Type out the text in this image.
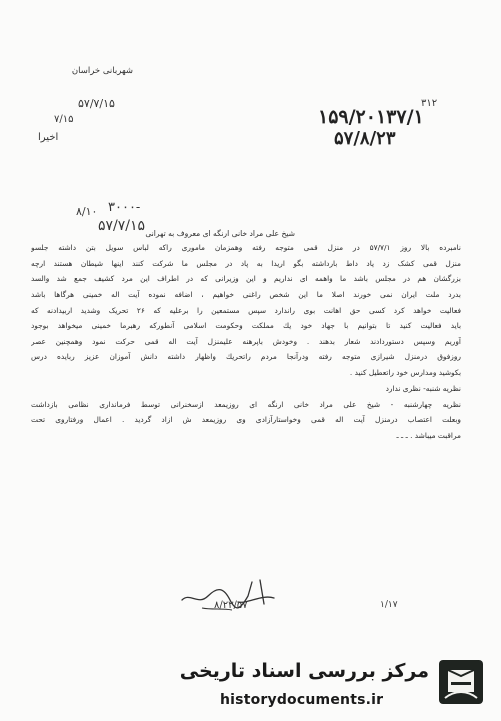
شهربانی خراسان
۳۱۲
۱۵۹/۲۰۱۳۷/۱
۵۷/۸/۲۳
۵۷/۷/۱۵
۷/۱۵
اخیرا
۳۰۰۰-
۸/۱۰
۵۷/۷/۱۵ شیخ علی مراد خانی ارنگه ای معروف به تهرانی
نامبرده بالا روز ۵۷/۷/۱ در منزل قمی متوجه رفته وهمزمان ماموری راکه لباس سویل بتن داشته جلسو
منزل قمی کشک زد یاد داط بارداشته بگو اریدا به پاد در مجلس ما شرکت کنند اینها شیطان هستند ارچه
بزرگشان هم در مجلس باشد ما واهمه ای نداریم و این وزیرانی که در اطراف این مرد کشیف جمع شد والسد
بدرد ملت ایران نمی خورند اصلا ما این شخص راغنی خواهیم ، اضافه نموده آیت اله خمینی هرگاها باشد
فعالیت خواهد کرد کسی حق اهانت بوی راندارد سپس مستمعین را برعلیه که ۲۶ تحریک وشدید اربیدادنه که
باید فعالیت کنید تا بتوانیم با جهاد خود یك مملکت وحکومت اسلامی آنطورکه رهبرما خمینی میخواهد بوجود
آوریم وسپس دستوردادند شعار بدهند . وخودش باپرهنه علیمنزل آیت اله قمی حرکت نمود وهمچنین عصر
روزفوق درمنزل شیرازی متوجه رفته ودرآنجا مردم راتحریك واظهار داشته دانش آموزان عزیز ربایده درس
بکوشید ومدارس خود راتعطیل کنید .
نظریه شنبه- نظری ندارد
نظریه چهارشنبه - شیخ علی مراد خانی ارنگه ای روزیمعد ازسخنرانی توسط فرمانداری نظامی بازداشت
وبعلت اعتصاب درمنزل آیت اله قمی وخواستارآزادی وی روزیمعد ش ازاد گردید . اعمال ورفتاروی تحت
مراقبت میباشد . ـ ـ ـ
۸/۲۳/۵۷	۱/۱۷
مرکز بررسی اسناد تاریخی
historydocuments.ir
